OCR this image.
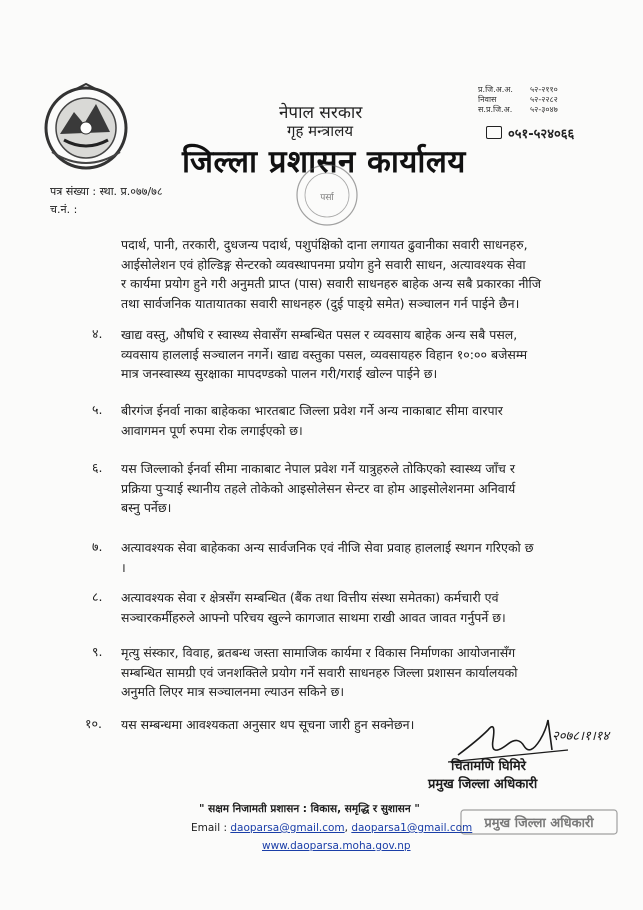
नेपाल सरकार
गृह मन्त्रालय
जिल्ला प्रशासन कार्यालय
पर्सा
प्र.जि.अ.अ.	५२-२११०
निवास	५२-२२८२
स.प्र.जि.अ.	५२-३०४७
०५१-५२४०६६
पत्र संख्या : स्था. प्र.०७७/७८
च.नं. :
पदार्थ, पानी, तरकारी, दुधजन्य पदार्थ, पशुपंक्षिको दाना लगायत ढुवानीका सवारी साधनहरु,
आईसोलेशन एवं होल्डिङ्ग सेन्टरको व्यवस्थापनमा प्रयोग हुने सवारी साधन, अत्यावश्यक सेवा
र कार्यमा प्रयोग हुने गरी अनुमती प्राप्त (पास) सवारी साधनहरु बाहेक अन्य सबै प्रकारका नीजि
तथा सार्वजनिक यातायातका सवारी साधनहरु (दुई पाङ्ग्रे समेत) सञ्चालन गर्न पाईने छैन।
४.	खाद्य वस्तु, औषधि र स्वास्थ्य सेवासँग सम्बन्धित पसल र व्यवसाय बाहेक अन्य सबै पसल,
व्यवसाय हाललाई सञ्चालन नगर्ने। खाद्य वस्तुका पसल, व्यवसायहरु विहान १०:०० बजेसम्म
मात्र जनस्वास्थ्य सुरक्षाका मापदण्डको पालन गरी/गराई खोल्न पाईने छ।
५.	बीरगंज ईनर्वा नाका बाहेकका भारतबाट जिल्ला प्रवेश गर्ने अन्य नाकाबाट सीमा वारपार
आवागमन पूर्ण रुपमा रोक लगाईएको छ।
६.	यस जिल्लाको ईनर्वा सीमा नाकाबाट नेपाल प्रवेश गर्ने यात्रुहरुले तोकिएको स्वास्थ्य जाँच र
प्रक्रिया पुऱ्याई स्थानीय तहले तोकेको आइसोलेसन सेन्टर वा होम आइसोलेशनमा अनिवार्य
बस्नु पर्नेछ।
७.	अत्यावश्यक सेवा बाहेकका अन्य सार्वजनिक एवं नीजि सेवा प्रवाह हाललाई स्थगन गरिएको छ
।
८.	अत्यावश्यक सेवा र क्षेत्रसँग सम्बन्धित (बैंक तथा वित्तीय संस्था समेतका) कर्मचारी एवं
सञ्चारकर्मीहरुले आफ्नो परिचय खुल्ने कागजात साथमा राखी आवत जावत गर्नुपर्ने छ।
९.	मृत्यु संस्कार, विवाह, ब्रतबन्ध जस्ता सामाजिक कार्यमा र विकास निर्माणका आयोजनासँग
सम्बन्धित सामग्री एवं जनशक्तिले प्रयोग गर्ने सवारी साधनहरु जिल्ला प्रशासन कार्यालयको
अनुमति लिएर मात्र सञ्चालनमा ल्याउन सकिने छ।
१०.	यस सम्बन्धमा आवश्यकता अनुसार थप सूचना जारी हुन सक्नेछन।
२०७८।१।१४
चितामणि घिमिरे
प्रमुख जिल्ला अधिकारी
" सक्षम निजामती प्रशासन : विकास, समृद्धि र सुशासन "
Email : daoparsa@gmail.com, daoparsa1@gmail.com
www.daoparsa.moha.gov.np
प्रमुख जिल्ला अधिकारी
